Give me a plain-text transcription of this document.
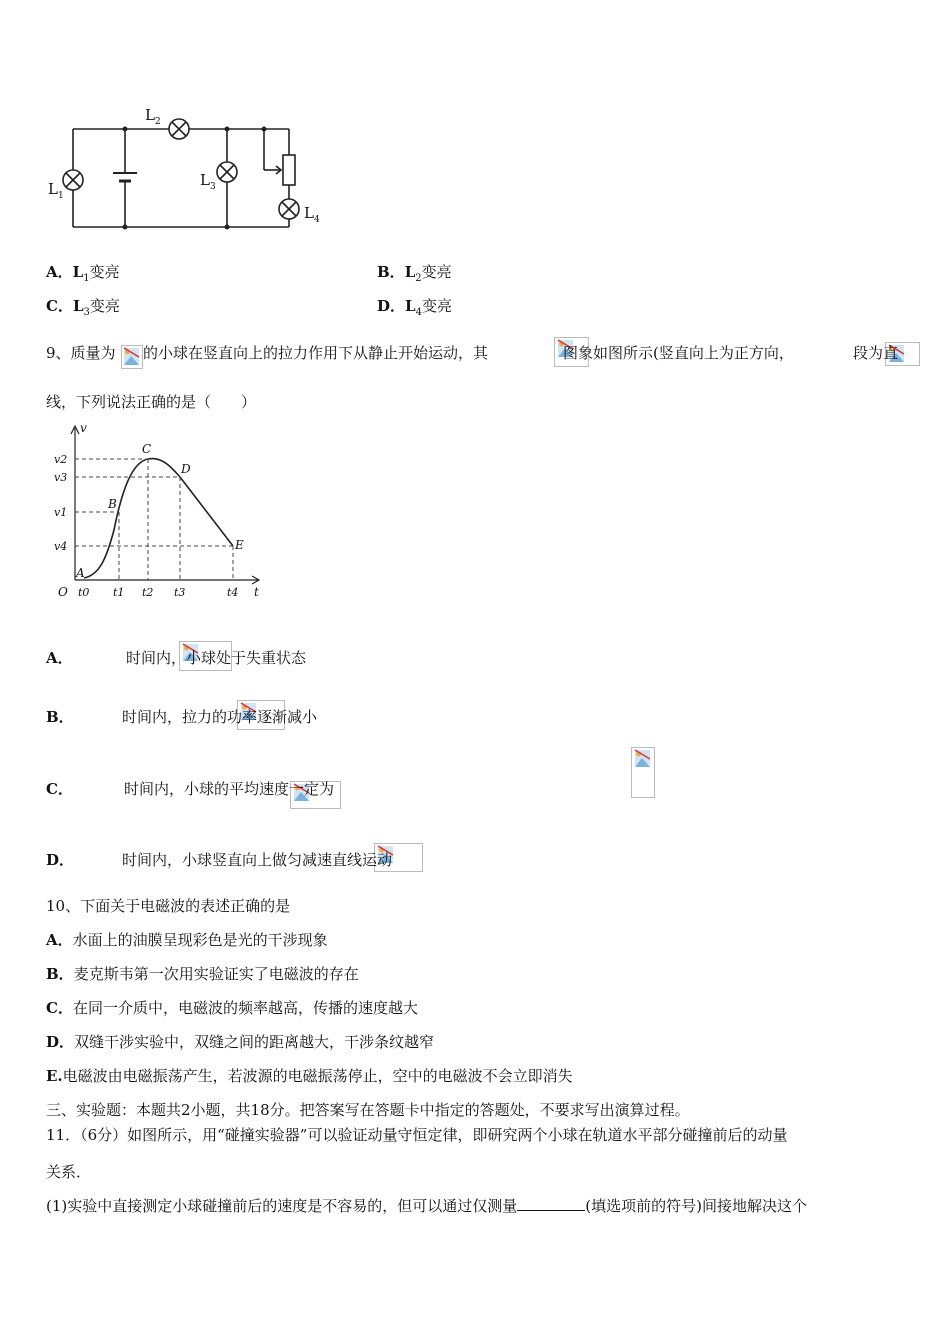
$L_1$
$L_2$
$L_3$
$L_4$
A．$L_1$变亮	B．$L_2$变亮
C．$L_3$变亮	D．$L_4$变亮
9、质量为
的小球在竖直向上的拉力作用下从静止开始运动，其
	图象如图所示(竖直向上为正方向，
	段为直
线，下列说法正确的是（　　）
v
t
O
A
B
C
D
E
v2
v3
v1
v4
t0 t1 t2 t3	t4
A．
	时间内，小球处于失重状态
B．
	时间内，拉力的功率逐渐减小
C．
	时间内，小球的平均速度一定为

D．	时间内，小球竖直向上做匀减速直线运动
10、下面关于电磁波的表述正确的是
A．水面上的油膜呈现彩色是光的干涉现象
B．麦克斯韦第一次用实验证实了电磁波的存在
C．在同一介质中，电磁波的频率越高，传播的速度越大
D．双缝干涉实验中，双缝之间的距离越大，干涉条纹越窄
E.电磁波由电磁振荡产生，若波源的电磁振荡停止，空中的电磁波不会立即消失
三、实验题：本题共2小题，共18分。把答案写在答题卡中指定的答题处，不要求写出演算过程。
11．（6分）如图所示，用“碰撞实验器”可以验证动量守恒定律，即研究两个小球在轨道水平部分碰撞前后的动量
关系．
(1)实验中直接测定小球碰撞前后的速度是不容易的，但可以通过仅测量	(填选项前的符号)间接地解决这个
